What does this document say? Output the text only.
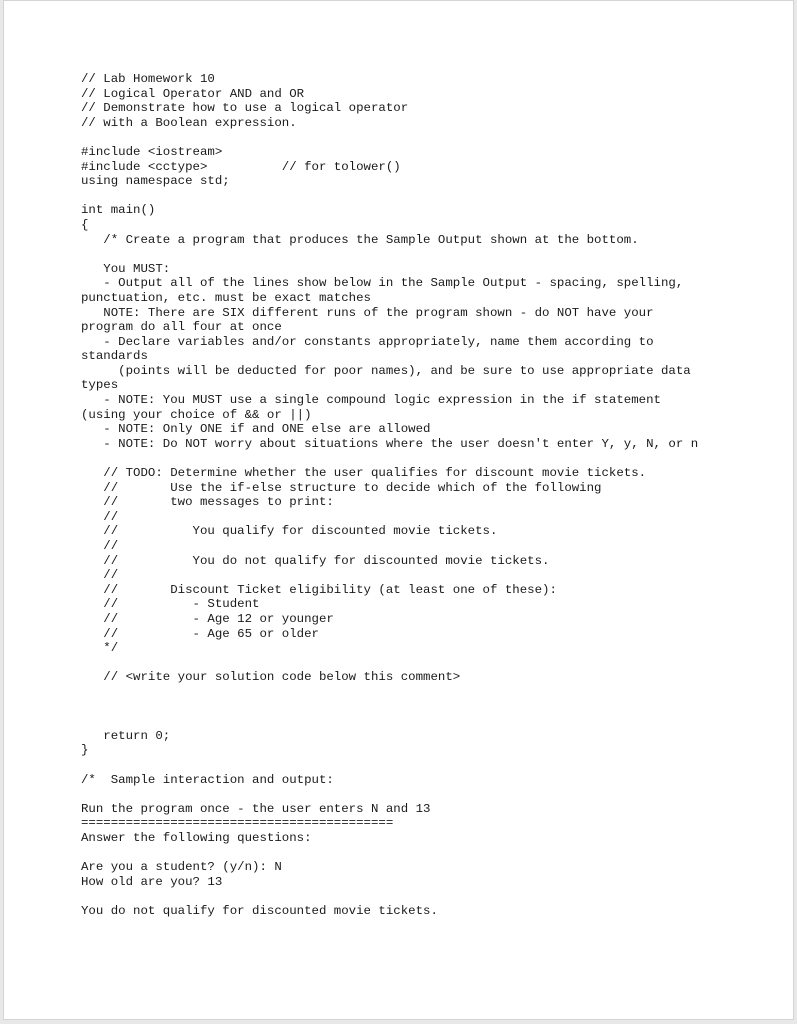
// Lab Homework 10
// Logical Operator AND and OR
// Demonstrate how to use a logical operator
// with a Boolean expression.
#include <iostream>
#include <cctype>          // for tolower()
using namespace std;
int main()
{
/* Create a program that produces the Sample Output shown at the bottom.
You MUST:
- Output all of the lines show below in the Sample Output - spacing, spelling,
punctuation, etc. must be exact matches
NOTE: There are SIX different runs of the program shown - do NOT have your
program do all four at once
- Declare variables and/or constants appropriately, name them according to
standards
(points will be deducted for poor names), and be sure to use appropriate data
types
- NOTE: You MUST use a single compound logic expression in the if statement
(using your choice of && or ||)
- NOTE: Only ONE if and ONE else are allowed
- NOTE: Do NOT worry about situations where the user doesn't enter Y, y, N, or n
// TODO: Determine whether the user qualifies for discount movie tickets.
//       Use the if-else structure to decide which of the following
//       two messages to print:
//
//          You qualify for discounted movie tickets.
//
//          You do not qualify for discounted movie tickets.
//
//       Discount Ticket eligibility (at least one of these):
//          - Student
//          - Age 12 or younger
//          - Age 65 or older
*/
// <write your solution code below this comment>
return 0;
}
/*  Sample interaction and output:
Run the program once - the user enters N and 13
==========================================
Answer the following questions:
Are you a student? (y/n): N
How old are you? 13
You do not qualify for discounted movie tickets.
